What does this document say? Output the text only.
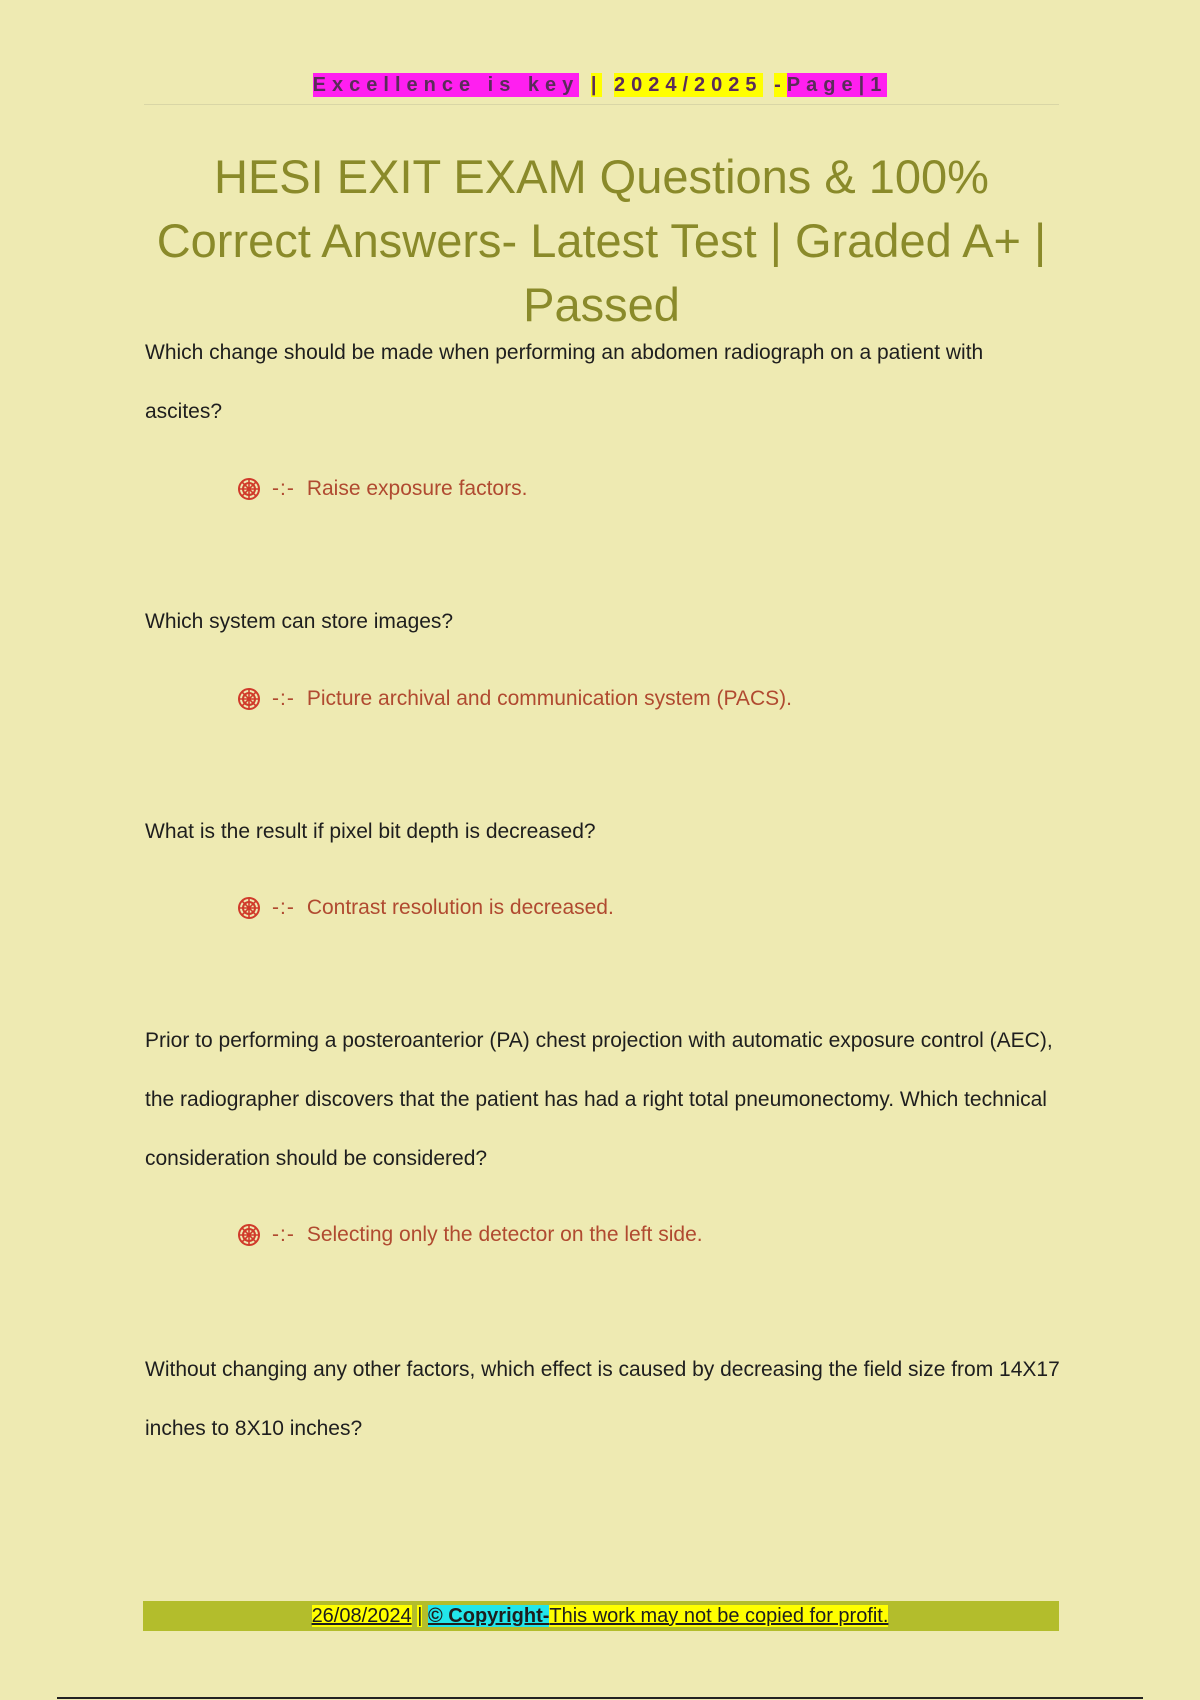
Excellence is key | 2024/2025 -Page|1
HESI EXIT EXAM Questions & 100% Correct Answers- Latest Test | Graded A+ | Passed
Which change should be made when performing an abdomen radiograph on a patient with ascites?
-:- Raise exposure factors.
Which system can store images?
-:- Picture archival and communication system (PACS).
What is the result if pixel bit depth is decreased?
-:- Contrast resolution is decreased.
Prior to performing a posteroanterior (PA) chest projection with automatic exposure control (AEC), the radiographer discovers that the patient has had a right total pneumonectomy. Which technical consideration should be considered?
-:- Selecting only the detector on the left side.
Without changing any other factors, which effect is caused by decreasing the field size from 14X17 inches to 8X10 inches?
26/08/2024 | © Copyright-This work may not be copied for profit.
